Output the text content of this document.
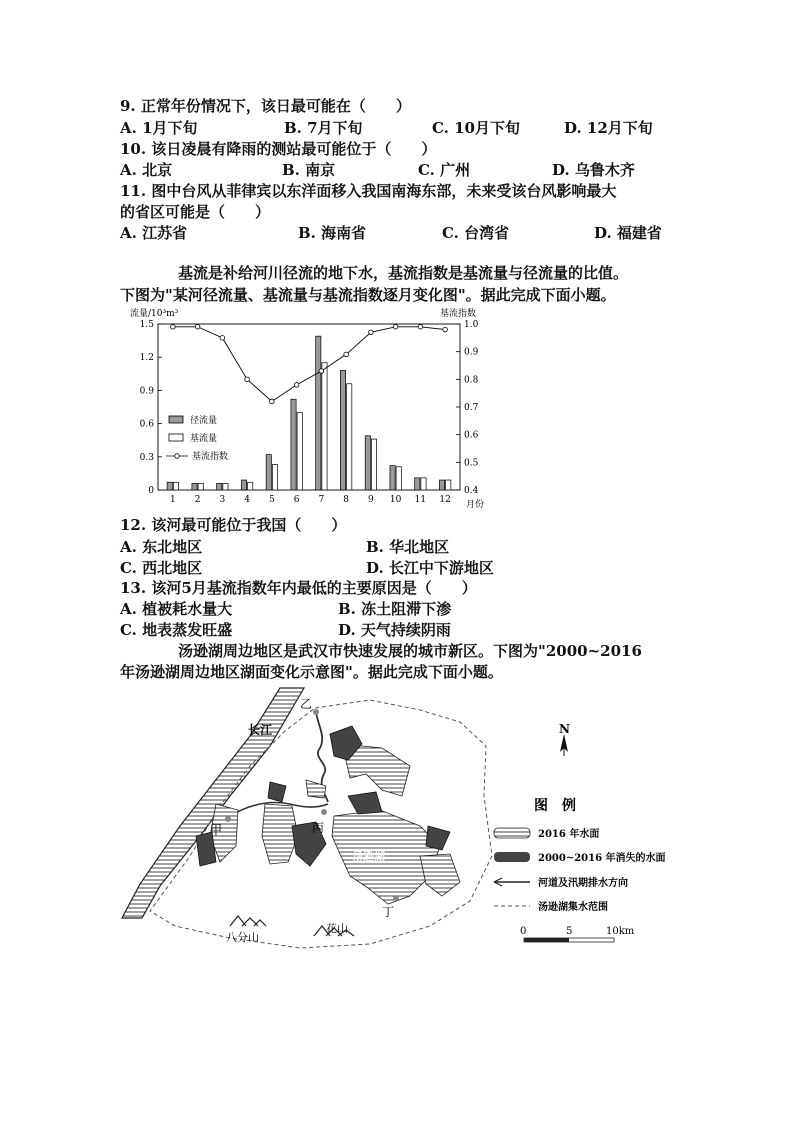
9. 正常年份情况下，该日最可能在（　　）
A. 1月下旬	B. 7月下旬	C. 10月下旬	D. 12月下旬
10. 该日凌晨有降雨的测站最可能位于（　　）
A. 北京	B. 南京	C. 广州	D. 乌鲁木齐
11. 图中台风从菲律宾以东洋面移入我国南海东部，未来受该台风影响最大
的省区可能是（　　）
A. 江苏省	B. 海南省	C. 台湾省	D. 福建省
基流是补给河川径流的地下水，基流指数是基流量与径流量的比值。
下图为"某河径流量、基流量与基流指数逐月变化图"。据此完成下面小题。
流量/10³m³	基流指数
月份
0
0.3
0.6
0.9
1.2
1.5
0.4
0.5
0.6
0.7
0.8
0.9
1.0
1 2 3 4 5 6 7 8 9 10 11 12
径流量
基流量
基流指数
12. 该河最可能位于我国（　　）
A. 东北地区	B. 华北地区
C. 西北地区	D. 长江中下游地区
13. 该河5月基流指数年内最低的主要原因是（　　）
A. 植被耗水量大	B. 冻土阻滞下渗
C. 地表蒸发旺盛	D. 天气持续阴雨
汤逊湖周边地区是武汉市快速发展的城市新区。下图为"2000~2016
年汤逊湖周边地区湖面变化示意图"。据此完成下面小题。
长江
乙
甲	丙
丁
汤逊湖
八分山
花山
N
图　例
2016 年水面
2000~2016 年消失的水面
河道及汛期排水方向
汤逊湖集水范围
0	5	10km
